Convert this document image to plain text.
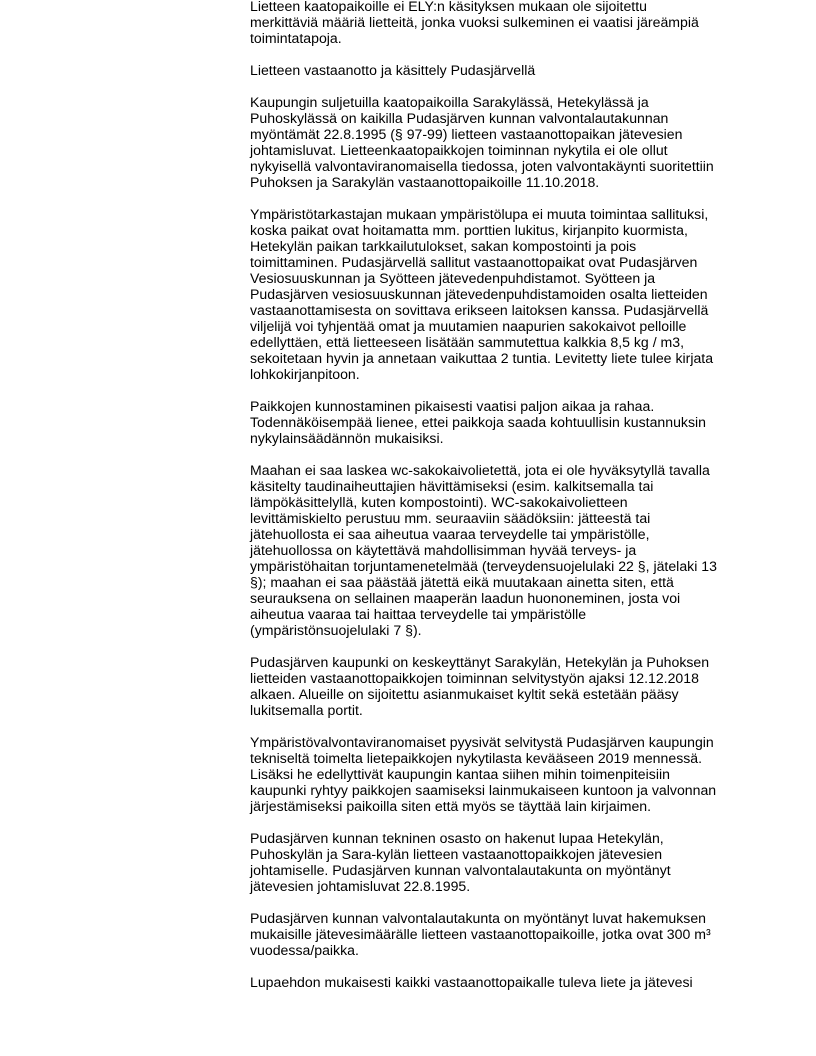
Lietteen kaatopaikoille ei ELY:n käsityksen mukaan ole sijoitettu
merkittäviä määriä lietteitä, jonka vuoksi sulkeminen ei vaatisi järeämpiä
toimintatapoja.

Lietteen vastaanotto ja käsittely Pudasjärvellä

Kaupungin suljetuilla kaatopaikoilla Sarakylässä, Hetekylässä ja
Puhoskylässä on kaikilla Pudasjärven kunnan valvontalautakunnan
myöntämät 22.8.1995 (§ 97-99) lietteen vastaanottopaikan jätevesien
johtamisluvat. Lietteenkaatopaikkojen toiminnan nykytila ei ole ollut
nykyisellä valvontaviranomaisella tiedossa, joten valvontakäynti suoritettiin
Puhoksen ja Sarakylän vastaanottopaikoille 11.10.2018.

Ympäristötarkastajan mukaan ympäristölupa ei muuta toimintaa sallituksi,
koska paikat ovat hoitamatta mm. porttien lukitus, kirjanpito kuormista,
Hetekylän paikan tarkkailutulokset, sakan kompostointi ja pois
toimittaminen. Pudasjärvellä sallitut vastaanottopaikat ovat Pudasjärven
Vesiosuuskunnan ja Syötteen jätevedenpuhdistamot. Syötteen ja
Pudasjärven vesiosuuskunnan jätevedenpuhdistamoiden osalta lietteiden
vastaanottamisesta on sovittava erikseen laitoksen kanssa. Pudasjärvellä
viljelijä voi tyhjentää omat ja muutamien naapurien sakokaivot pelloille
edellyttäen, että lietteeseen lisätään sammutettua kalkkia 8,5 kg / m3,
sekoitetaan hyvin ja annetaan vaikuttaa 2 tuntia. Levitetty liete tulee kirjata
lohkokirjanpitoon.

Paikkojen kunnostaminen pikaisesti vaatisi paljon aikaa ja rahaa.
Todennäköisempää lienee, ettei paikkoja saada kohtuullisin kustannuksin
nykylainsäädännön mukaisiksi.

Maahan ei saa laskea wc-sakokaivolietettä, jota ei ole hyväksytyllä tavalla
käsitelty taudinaiheuttajien hävittämiseksi (esim. kalkitsemalla tai
lämpökäsittelyllä, kuten kompostointi). WC-sakokaivolietteen
levittämiskielto perustuu mm. seuraaviin säädöksiin: jätteestä tai
jätehuollosta ei saa aiheutua vaaraa terveydelle tai ympäristölle,
jätehuollossa on käytettävä mahdollisimman hyvää terveys- ja
ympäristöhaitan torjuntamenetelmää (terveydensuojelulaki 22 §, jätelaki 13
§); maahan ei saa päästää jätettä eikä muutakaan ainetta siten, että
seurauksena on sellainen maaperän laadun huononeminen, josta voi
aiheutua vaaraa tai haittaa terveydelle tai ympäristölle
(ympäristönsuojelulaki 7 §).

Pudasjärven kaupunki on keskeyttänyt Sarakylän, Hetekylän ja Puhoksen
lietteiden vastaanottopaikkojen toiminnan selvitystyön ajaksi 12.12.2018
alkaen. Alueille on sijoitettu asianmukaiset kyltit sekä estetään pääsy
lukitsemalla portit.

Ympäristövalvontaviranomaiset pyysivät selvitystä Pudasjärven kaupungin
tekniseltä toimelta lietepaikkojen nykytilasta kevääseen 2019 mennessä.
Lisäksi he edellyttivät kaupungin kantaa siihen mihin toimenpiteisiin
kaupunki ryhtyy paikkojen saamiseksi lainmukaiseen kuntoon ja valvonnan
järjestämiseksi paikoilla siten että myös se täyttää lain kirjaimen.

Pudasjärven kunnan tekninen osasto on hakenut lupaa Hetekylän,
Puhoskylän ja Sara-kylän lietteen vastaanottopaikkojen jätevesien
johtamiselle. Pudasjärven kunnan valvontalautakunta on myöntänyt
jätevesien johtamisluvat 22.8.1995.

Pudasjärven kunnan valvontalautakunta on myöntänyt luvat hakemuksen
mukaisille jätevesimäärälle lietteen vastaanottopaikoille, jotka ovat 300 m³
vuodessa/paikka.

Lupaehdon mukaisesti kaikki vastaanottopaikalle tuleva liete ja jätevesi
